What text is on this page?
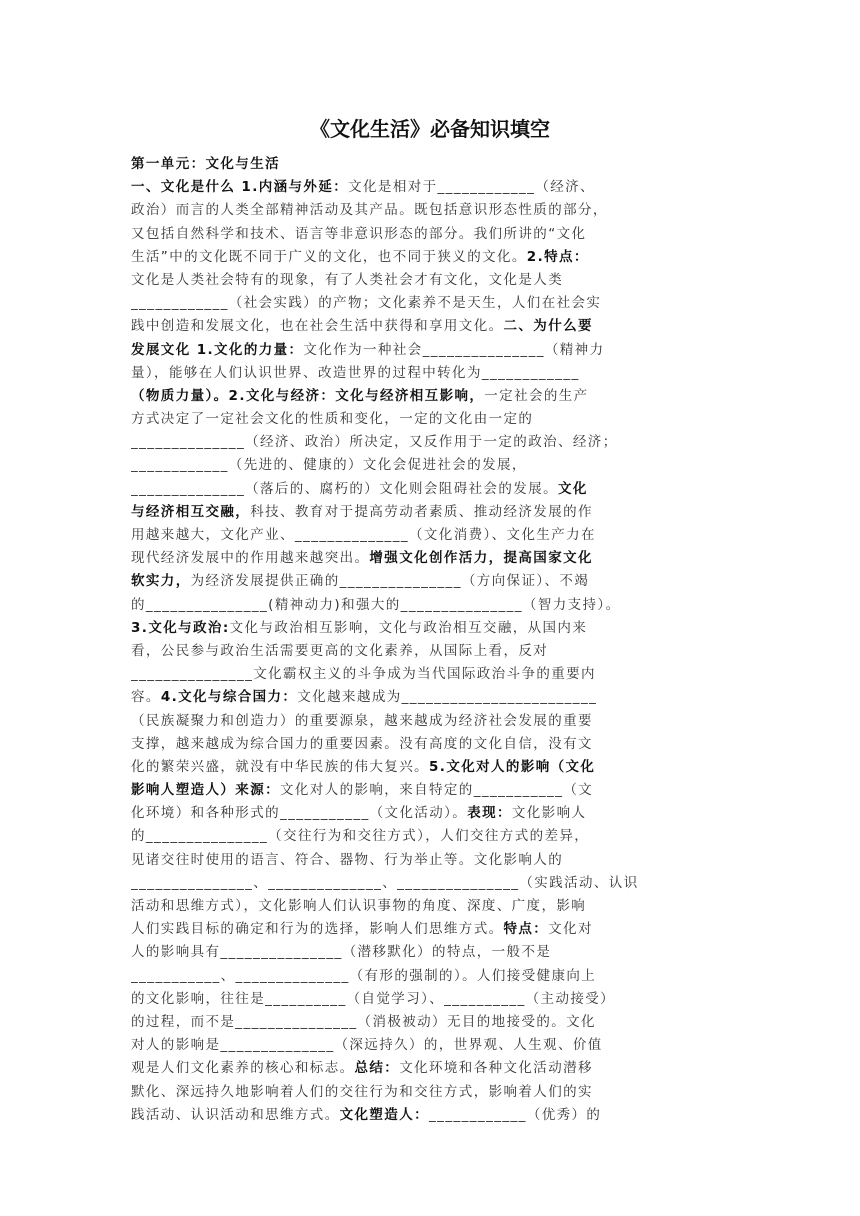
《文化生活》必备知识填空
第一单元：文化与生活
一、文化是什么 1.内涵与外延：文化是相对于____________（经济、
政治）而言的人类全部精神活动及其产品。既包括意识形态性质的部分，
又包括自然科学和技术、语言等非意识形态的部分。我们所讲的“文化
生活”中的文化既不同于广义的文化，也不同于狭义的文化。2.特点：
文化是人类社会特有的现象，有了人类社会才有文化，文化是人类
____________（社会实践）的产物；文化素养不是天生，人们在社会实
践中创造和发展文化，也在社会生活中获得和享用文化。二、为什么要
发展文化 1.文化的力量：文化作为一种社会_______________（精神力
量），能够在人们认识世界、改造世界的过程中转化为____________
（物质力量）。2.文化与经济：文化与经济相互影响，一定社会的生产
方式决定了一定社会文化的性质和变化，一定的文化由一定的
______________（经济、政治）所决定，又反作用于一定的政治、经济；
____________（先进的、健康的）文化会促进社会的发展，
______________（落后的、腐朽的）文化则会阻碍社会的发展。文化
与经济相互交融，科技、教育对于提高劳动者素质、推动经济发展的作
用越来越大，文化产业、______________（文化消费）、文化生产力在
现代经济发展中的作用越来越突出。增强文化创作活力，提高国家文化
软实力，为经济发展提供正确的_______________（方向保证）、不竭
的_______________(精神动力)和强大的_______________（智力支持）。
3.文化与政治:文化与政治相互影响，文化与政治相互交融，从国内来
看，公民参与政治生活需要更高的文化素养，从国际上看，反对
_______________文化霸权主义的斗争成为当代国际政治斗争的重要内
容。4.文化与综合国力：文化越来越成为________________________
（民族凝聚力和创造力）的重要源泉，越来越成为经济社会发展的重要
支撑，越来越成为综合国力的重要因素。没有高度的文化自信，没有文
化的繁荣兴盛，就没有中华民族的伟大复兴。5.文化对人的影响（文化
影响人塑造人）来源：文化对人的影响，来自特定的___________（文
化环境）和各种形式的___________（文化活动）。表现：文化影响人
的_______________（交往行为和交往方式），人们交往方式的差异，
见诸交往时使用的语言、符合、器物、行为举止等。文化影响人的
_______________、______________、_______________（实践活动、认识
活动和思维方式），文化影响人们认识事物的角度、深度、广度，影响
人们实践目标的确定和行为的选择，影响人们思维方式。特点：文化对
人的影响具有_______________（潜移默化）的特点，一般不是
___________、______________（有形的强制的）。人们接受健康向上
的文化影响，往往是__________（自觉学习）、__________（主动接受）
的过程，而不是_______________（消极被动）无目的地接受的。文化
对人的影响是______________（深远持久）的，世界观、人生观、价值
观是人们文化素养的核心和标志。总结：文化环境和各种文化活动潜移
默化、深远持久地影响着人们的交往行为和交往方式，影响着人们的实
践活动、认识活动和思维方式。文化塑造人：____________（优秀）的
